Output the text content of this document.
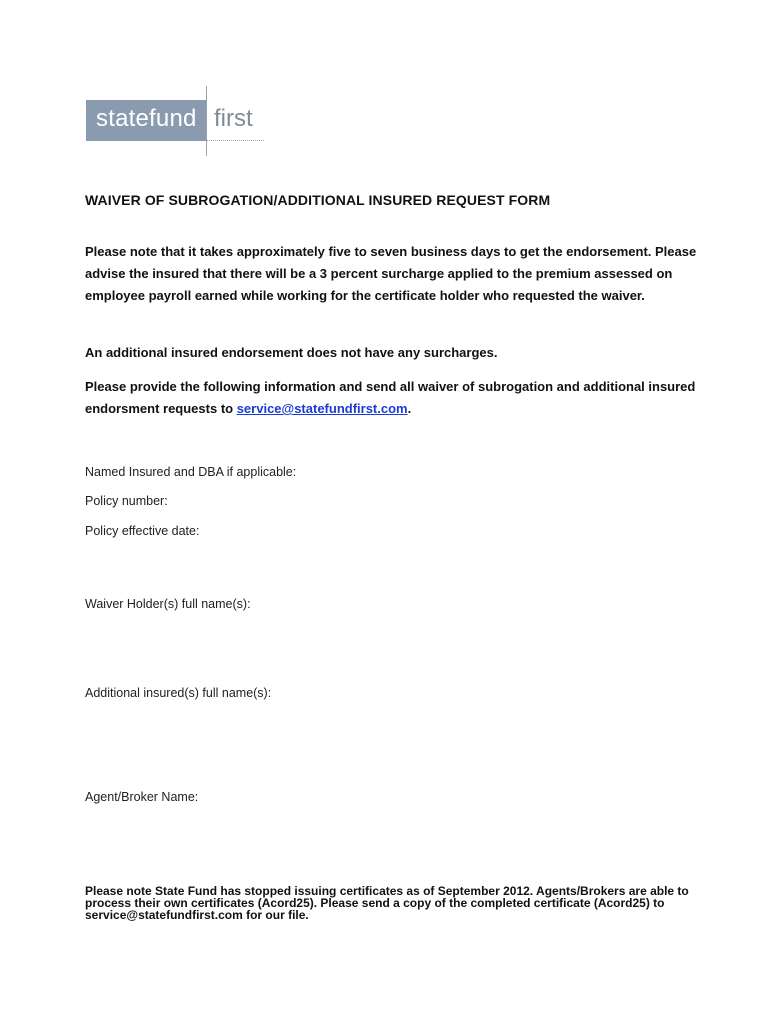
statefund first
WAIVER OF SUBROGATION/ADDITIONAL INSURED REQUEST FORM
Please note that it takes approximately five to seven business days to get the endorsement. Please advise the insured that there will be a 3 percent surcharge applied to the premium assessed on employee payroll earned while working for the certificate holder who requested the waiver.
An additional insured endorsement does not have any surcharges.
Please provide the following information and send all waiver of subrogation and additional insured endorsment requests to service@statefundfirst.com.
Named Insured and DBA if applicable:
Policy number:
Policy effective date:
Waiver Holder(s) full name(s):
Additional insured(s) full name(s):
Agent/Broker Name:
Please note State Fund has stopped issuing certificates as of September 2012. Agents/Brokers are able to process their own certificates (Acord25). Please send a copy of the completed certificate (Acord25) to service@statefundfirst.com for our file.
